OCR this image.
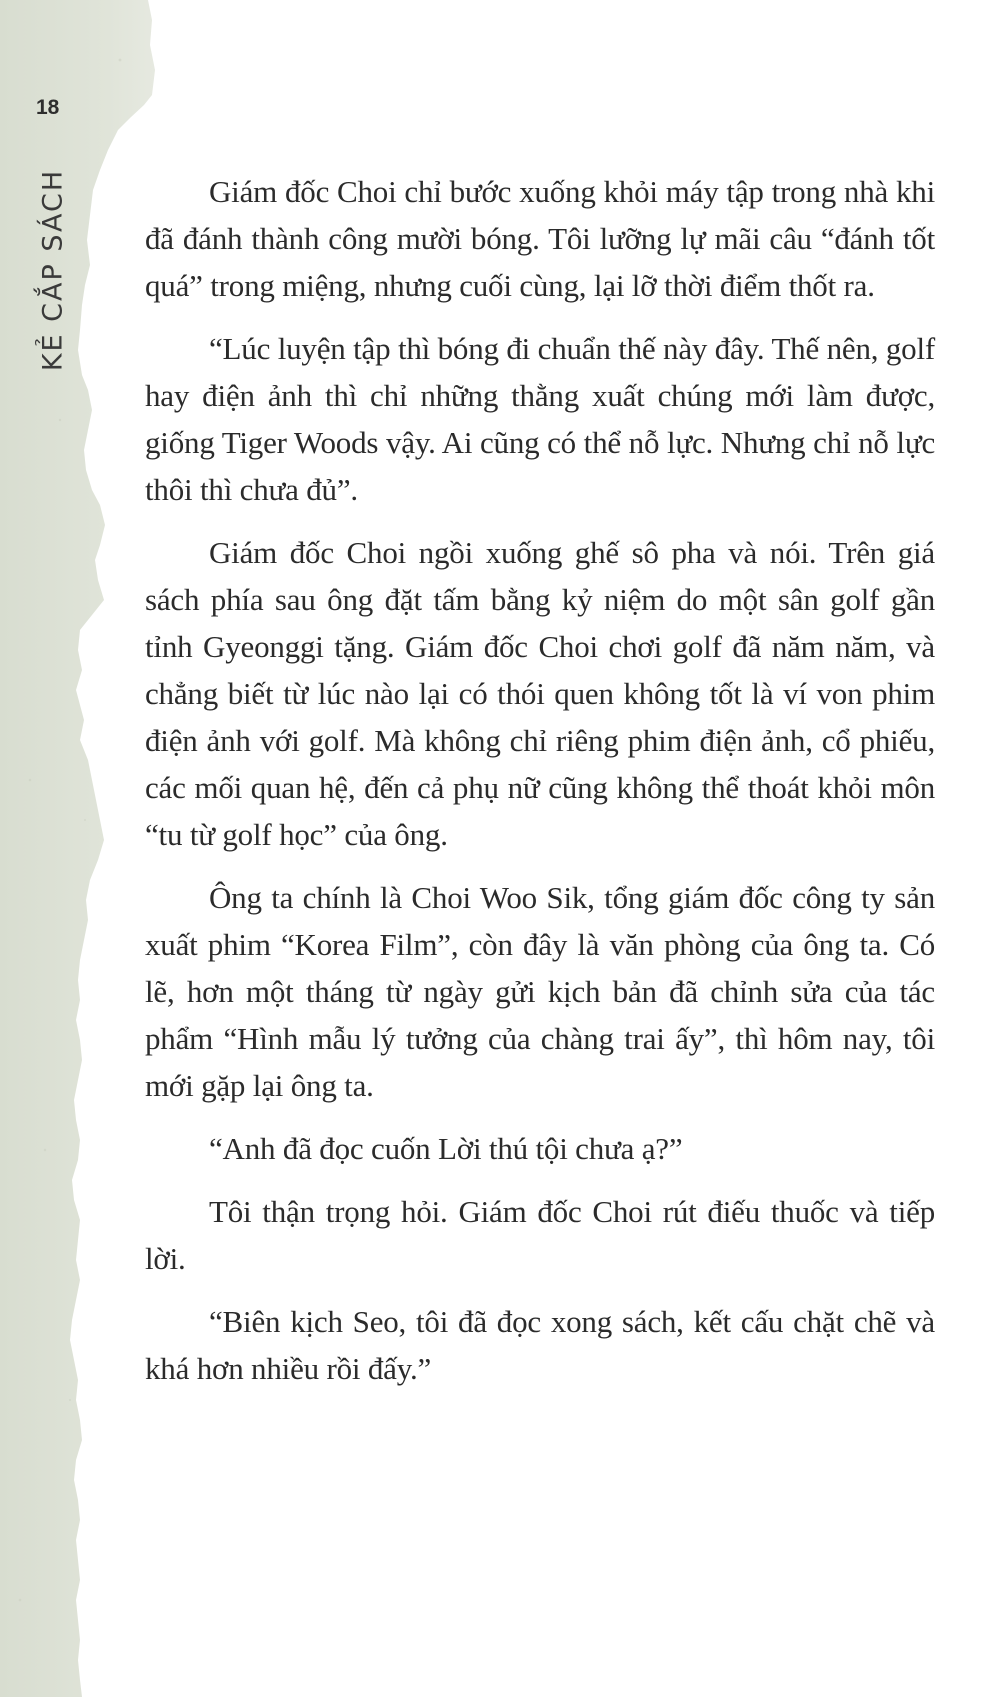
18
KẺ CẮP SÁCH	Giám đốc Choi chỉ bước xuống khỏi máy tập trong nhà khi đã đánh thành công mười bóng. Tôi lưỡng lự mãi câu “đánh tốt quá” trong miệng, nhưng cuối cùng, lại lỡ thời điểm thốt ra.

“Lúc luyện tập thì bóng đi chuẩn thế này đây. Thế nên, golf hay điện ảnh thì chỉ những thằng xuất chúng mới làm được, giống Tiger Woods vậy. Ai cũng có thể nỗ lực. Nhưng chỉ nỗ lực thôi thì chưa đủ”.

Giám đốc Choi ngồi xuống ghế sô pha và nói. Trên giá sách phía sau ông đặt tấm bằng kỷ niệm do một sân golf gần tỉnh Gyeonggi tặng. Giám đốc Choi chơi golf đã năm năm, và chẳng biết từ lúc nào lại có thói quen không tốt là ví von phim điện ảnh với golf. Mà không chỉ riêng phim điện ảnh, cổ phiếu, các mối quan hệ, đến cả phụ nữ cũng không thể thoát khỏi môn “tu từ golf học” của ông.

Ông ta chính là Choi Woo Sik, tổng giám đốc công ty sản xuất phim “Korea Film”, còn đây là văn phòng của ông ta. Có lẽ, hơn một tháng từ ngày gửi kịch bản đã chỉnh sửa của tác phẩm “Hình mẫu lý tưởng của chàng trai ấy”, thì hôm nay, tôi mới gặp lại ông ta.

“Anh đã đọc cuốn Lời thú tội chưa ạ?”

Tôi thận trọng hỏi. Giám đốc Choi rút điếu thuốc và tiếp lời.

“Biên kịch Seo, tôi đã đọc xong sách, kết cấu chặt chẽ và khá hơn nhiều rồi đấy.”
